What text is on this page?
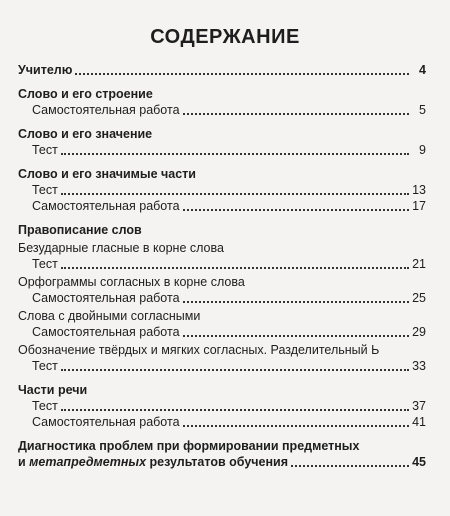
СОДЕРЖАНИЕ
Учителю	4
Слово и его строение
Самостоятельная работа	5
Слово и его значение
Тест	9
Слово и его значимые части
Тест	13
Самостоятельная работа	17
Правописание слов
Безударные гласные в корне слова
Тест	21
Орфограммы согласных в корне слова
Самостоятельная работа	25
Слова с двойными согласными
Самостоятельная работа	29
Обозначение твёрдых и мягких согласных. Разделительный Ь
Тест	33
Части речи
Тест	37
Самостоятельная работа	41
Диагностика проблем при формировании предметных
и метапредметных результатов обучения	45
